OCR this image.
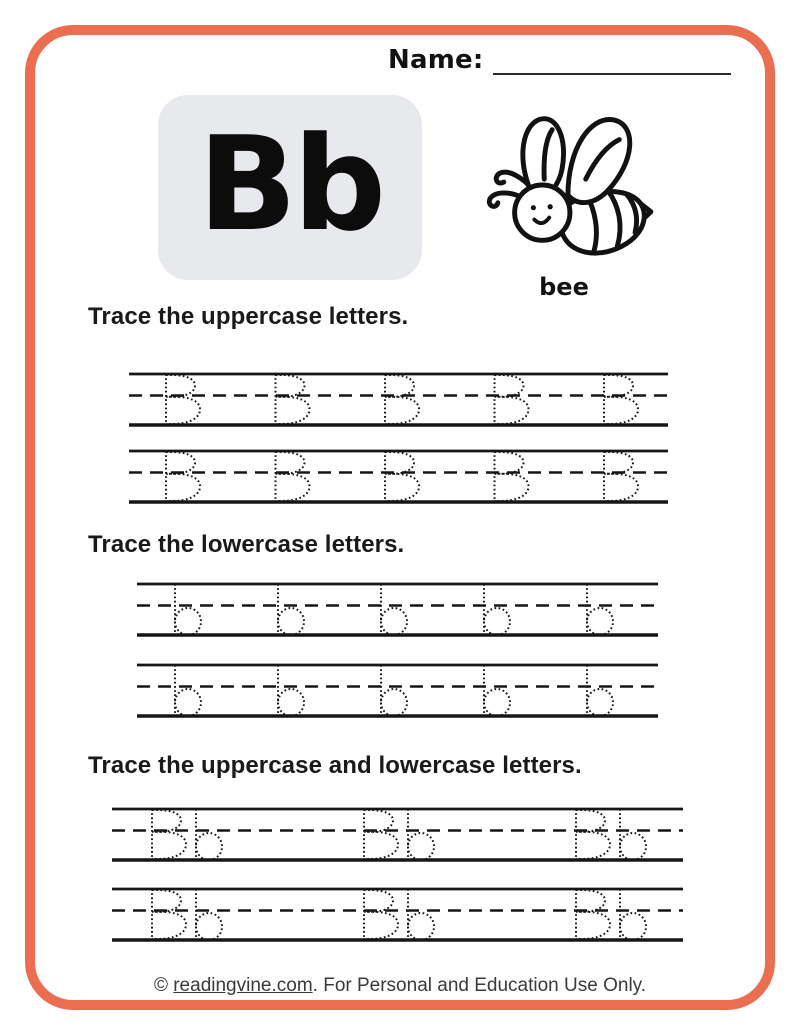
Name:
Bb
bee
Trace the uppercase letters.
Trace the lowercase letters.
Trace the uppercase and lowercase letters.
© readingvine.com. For Personal and Education Use Only.
